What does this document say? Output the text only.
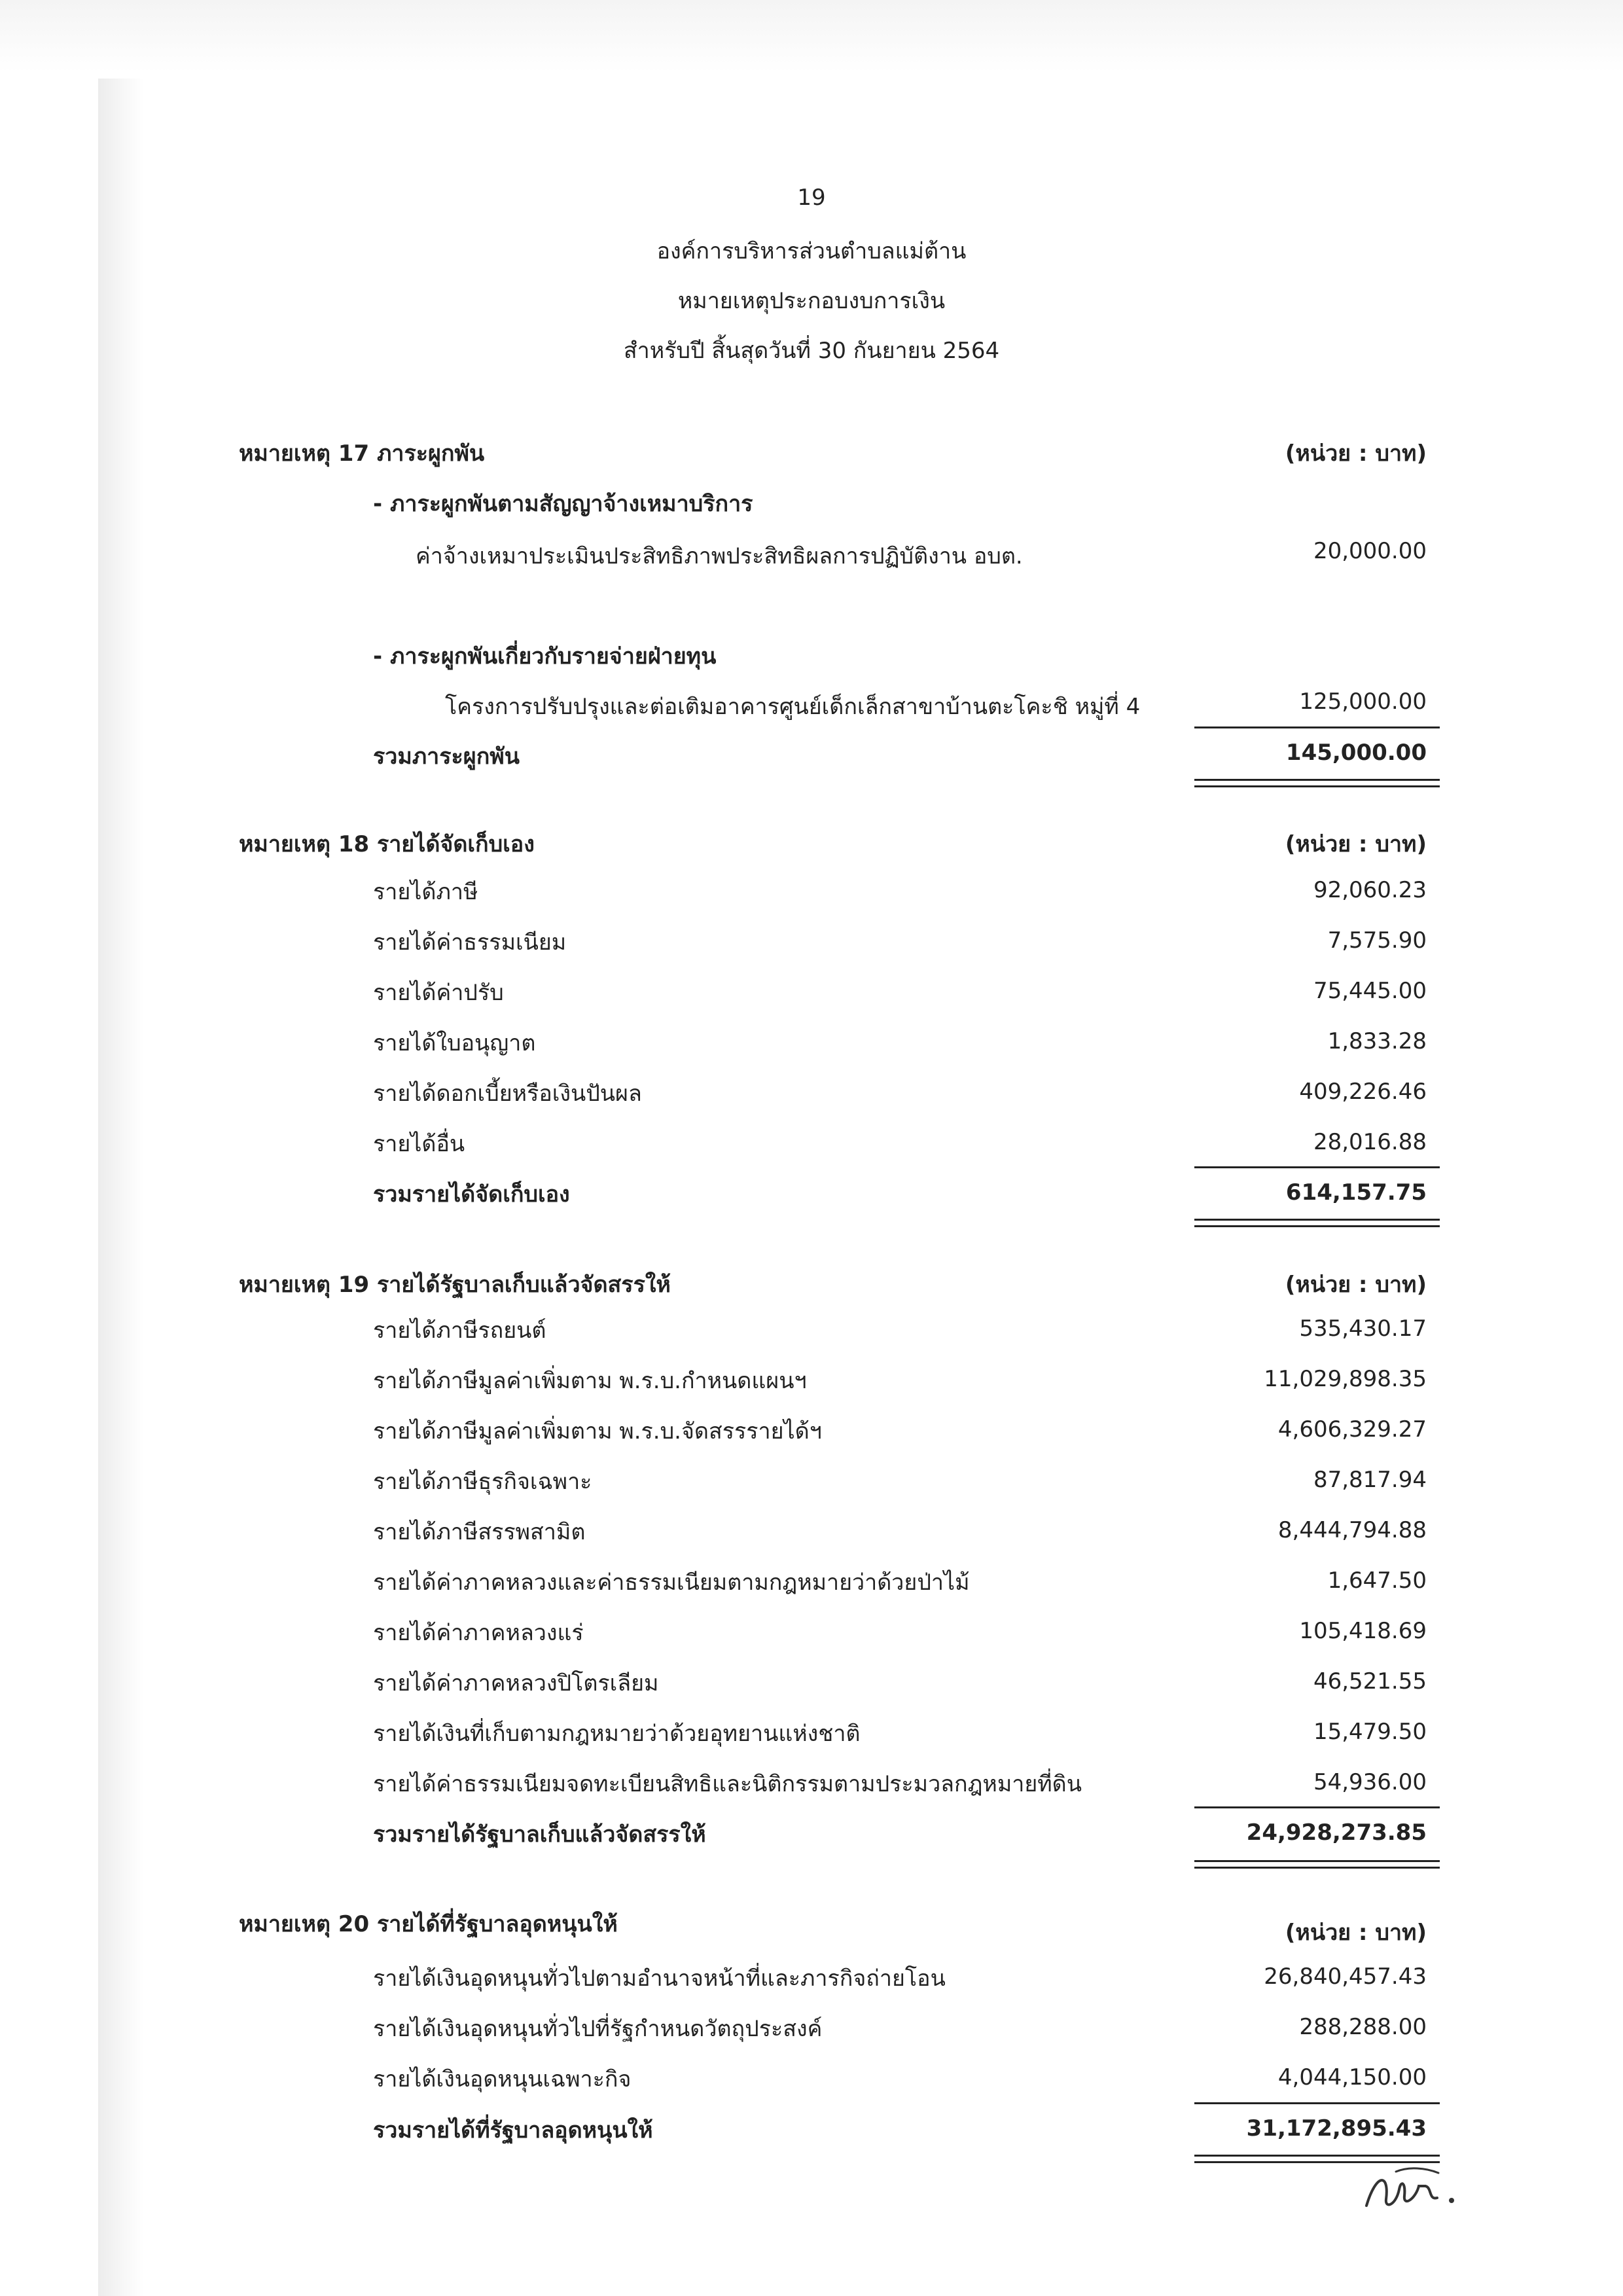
19
องค์การบริหารส่วนตำบลแม่ต้าน
หมายเหตุประกอบงบการเงิน
สำหรับปี สิ้นสุดวันที่ 30 กันยายน 2564
หมายเหตุ 17 ภาระผูกพัน	(หน่วย : บาท)
- ภาระผูกพันตามสัญญาจ้างเหมาบริการ
ค่าจ้างเหมาประเมินประสิทธิภาพประสิทธิผลการปฏิบัติงาน อบต.	20,000.00
- ภาระผูกพันเกี่ยวกับรายจ่ายฝ่ายทุน
โครงการปรับปรุงและต่อเติมอาคารศูนย์เด็กเล็กสาขาบ้านตะโคะชิ หมู่ที่ 4	125,000.00
รวมภาระผูกพัน	145,000.00
หมายเหตุ 18 รายได้จัดเก็บเอง	(หน่วย : บาท)
รายได้ภาษี	92,060.23
รายได้ค่าธรรมเนียม	7,575.90
รายได้ค่าปรับ	75,445.00
รายได้ใบอนุญาต	1,833.28
รายได้ดอกเบี้ยหรือเงินปันผล	409,226.46
รายได้อื่น	28,016.88
รวมรายได้จัดเก็บเอง	614,157.75
หมายเหตุ 19 รายได้รัฐบาลเก็บแล้วจัดสรรให้	(หน่วย : บาท)
รายได้ภาษีรถยนต์	535,430.17
รายได้ภาษีมูลค่าเพิ่มตาม พ.ร.บ.กำหนดแผนฯ	11,029,898.35
รายได้ภาษีมูลค่าเพิ่มตาม พ.ร.บ.จัดสรรรายได้ฯ	4,606,329.27
รายได้ภาษีธุรกิจเฉพาะ	87,817.94
รายได้ภาษีสรรพสามิต	8,444,794.88
รายได้ค่าภาคหลวงและค่าธรรมเนียมตามกฎหมายว่าด้วยป่าไม้	1,647.50
รายได้ค่าภาคหลวงแร่	105,418.69
รายได้ค่าภาคหลวงปิโตรเลียม	46,521.55
รายได้เงินที่เก็บตามกฎหมายว่าด้วยอุทยานแห่งชาติ	15,479.50
รายได้ค่าธรรมเนียมจดทะเบียนสิทธิและนิติกรรมตามประมวลกฎหมายที่ดิน	54,936.00
รวมรายได้รัฐบาลเก็บแล้วจัดสรรให้	24,928,273.85
หมายเหตุ 20 รายได้ที่รัฐบาลอุดหนุนให้	(หน่วย : บาท)
รายได้เงินอุดหนุนทั่วไปตามอำนาจหน้าที่และภารกิจถ่ายโอน	26,840,457.43
รายได้เงินอุดหนุนทั่วไปที่รัฐกำหนดวัตถุประสงค์	288,288.00
รายได้เงินอุดหนุนเฉพาะกิจ	4,044,150.00
รวมรายได้ที่รัฐบาลอุดหนุนให้	31,172,895.43
